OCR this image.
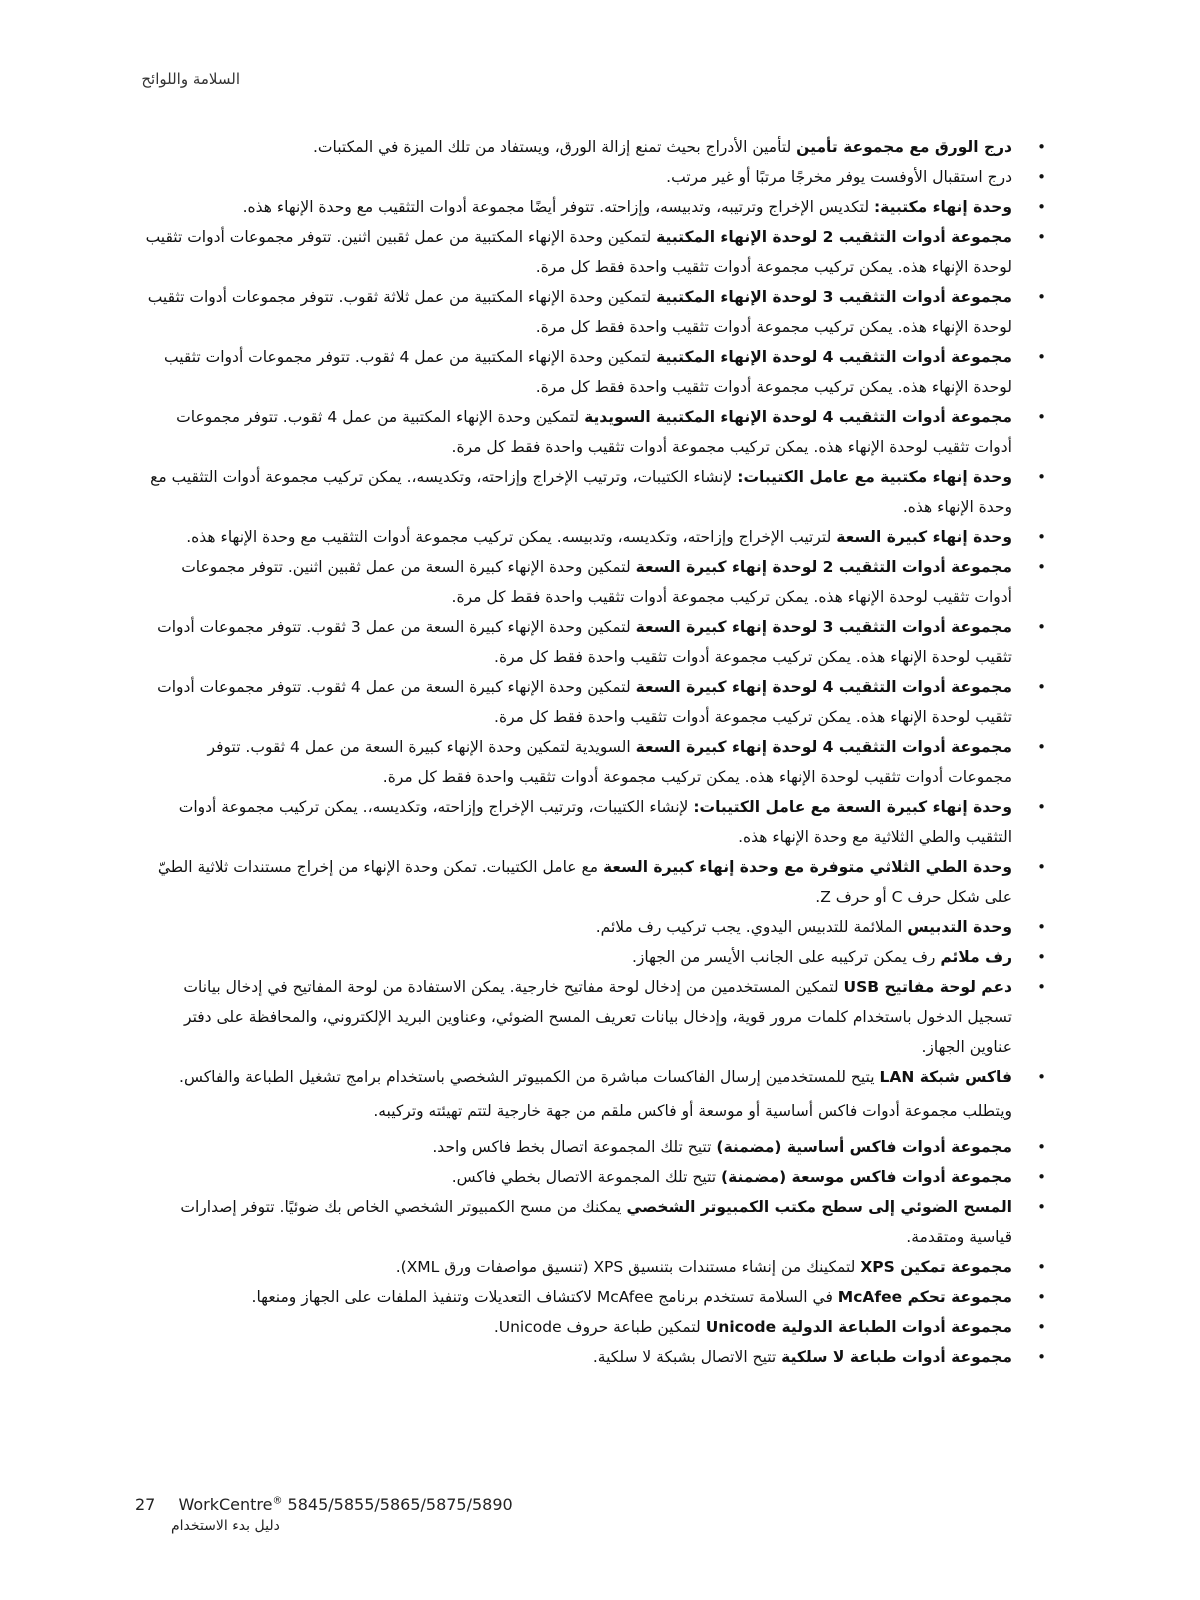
السلامة واللوائح
• درج الورق مع مجموعة تأمين لتأمين الأدراج بحيث تمنع إزالة الورق، ويستفاد من تلك الميزة في المكتبات.
• درج استقبال الأوفست يوفر مخرجًا مرتبًا أو غير مرتب.
• وحدة إنهاء مكتبية: لتكديس الإخراج وترتيبه، وتدبيسه، وإزاحته. تتوفر أيضًا مجموعة أدوات التثقيب مع وحدة الإنهاء هذه.
• مجموعة أدوات التثقيب 2 لوحدة الإنهاء المكتبية لتمكين وحدة الإنهاء المكتبية من عمل ثقبين اثنين. تتوفر مجموعات أدوات تثقيب لوحدة الإنهاء هذه. يمكن تركيب مجموعة أدوات تثقيب واحدة فقط كل مرة.
• مجموعة أدوات التثقيب 3 لوحدة الإنهاء المكتبية لتمكين وحدة الإنهاء المكتبية من عمل ثلاثة ثقوب. تتوفر مجموعات أدوات تثقيب لوحدة الإنهاء هذه. يمكن تركيب مجموعة أدوات تثقيب واحدة فقط كل مرة.
• مجموعة أدوات التثقيب 4 لوحدة الإنهاء المكتبية لتمكين وحدة الإنهاء المكتبية من عمل 4 ثقوب. تتوفر مجموعات أدوات تثقيب لوحدة الإنهاء هذه. يمكن تركيب مجموعة أدوات تثقيب واحدة فقط كل مرة.
• مجموعة أدوات التثقيب 4 لوحدة الإنهاء المكتبية السويدية لتمكين وحدة الإنهاء المكتبية من عمل 4 ثقوب. تتوفر مجموعات أدوات تثقيب لوحدة الإنهاء هذه. يمكن تركيب مجموعة أدوات تثقيب واحدة فقط كل مرة.
• وحدة إنهاء مكتبية مع عامل الكتيبات: لإنشاء الكتيبات، وترتيب الإخراج وإزاحته، وتكديسه،. يمكن تركيب مجموعة أدوات التثقيب مع وحدة الإنهاء هذه.
• وحدة إنهاء كبيرة السعة لترتيب الإخراج وإزاحته، وتكديسه، وتدبيسه. يمكن تركيب مجموعة أدوات التثقيب مع وحدة الإنهاء هذه.
• مجموعة أدوات التثقيب 2 لوحدة إنهاء كبيرة السعة لتمكين وحدة الإنهاء كبيرة السعة من عمل ثقبين اثنين. تتوفر مجموعات أدوات تثقيب لوحدة الإنهاء هذه. يمكن تركيب مجموعة أدوات تثقيب واحدة فقط كل مرة.
• مجموعة أدوات التثقيب 3 لوحدة إنهاء كبيرة السعة لتمكين وحدة الإنهاء كبيرة السعة من عمل 3 ثقوب. تتوفر مجموعات أدوات تثقيب لوحدة الإنهاء هذه. يمكن تركيب مجموعة أدوات تثقيب واحدة فقط كل مرة.
• مجموعة أدوات التثقيب 4 لوحدة إنهاء كبيرة السعة لتمكين وحدة الإنهاء كبيرة السعة من عمل 4 ثقوب. تتوفر مجموعات أدوات تثقيب لوحدة الإنهاء هذه. يمكن تركيب مجموعة أدوات تثقيب واحدة فقط كل مرة.
• مجموعة أدوات التثقيب 4 لوحدة إنهاء كبيرة السعة السويدية لتمكين وحدة الإنهاء كبيرة السعة من عمل 4 ثقوب. تتوفر مجموعات أدوات تثقيب لوحدة الإنهاء هذه. يمكن تركيب مجموعة أدوات تثقيب واحدة فقط كل مرة.
• وحدة إنهاء كبيرة السعة مع عامل الكتيبات: لإنشاء الكتيبات، وترتيب الإخراج وإزاحته، وتكديسه،. يمكن تركيب مجموعة أدوات التثقيب والطي الثلاثية مع وحدة الإنهاء هذه.
• وحدة الطي الثلاثي متوفرة مع وحدة إنهاء كبيرة السعة مع عامل الكتيبات. تمكن وحدة الإنهاء من إخراج مستندات ثلاثية الطيّ على شكل حرف C أو حرف Z.
• وحدة التدبيس الملائمة للتدبيس اليدوي. يجب تركيب رف ملائم.
• رف ملائم رف يمكن تركيبه على الجانب الأيسر من الجهاز.
• دعم لوحة مفاتيح USB لتمكين المستخدمين من إدخال لوحة مفاتيح خارجية. يمكن الاستفادة من لوحة المفاتيح في إدخال بيانات تسجيل الدخول باستخدام كلمات مرور قوية، وإدخال بيانات تعريف المسح الضوئي، وعناوين البريد الإلكتروني، والمحافظة على دفتر عناوين الجهاز.
• فاكس شبكة LAN يتيح للمستخدمين إرسال الفاكسات مباشرة من الكمبيوتر الشخصي باستخدام برامج تشغيل الطباعة والفاكس.
ويتطلب مجموعة أدوات فاكس أساسية أو موسعة أو فاكس ملقم من جهة خارجية لتتم تهيئته وتركيبه.
• مجموعة أدوات فاكس أساسية (مضمنة) تتيح تلك المجموعة اتصال بخط فاكس واحد.
• مجموعة أدوات فاكس موسعة (مضمنة) تتيح تلك المجموعة الاتصال بخطي فاكس.
• المسح الضوئي إلى سطح مكتب الكمبيوتر الشخصي يمكنك من مسح الكمبيوتر الشخصي الخاص بك ضوئيًا. تتوفر إصدارات قياسية ومتقدمة.
• مجموعة تمكين XPS لتمكينك من إنشاء مستندات بتنسيق XPS (تنسيق مواصفات ورق XML).
• مجموعة تحكم McAfee في السلامة تستخدم برنامج McAfee لاكتشاف التعديلات وتنفيذ الملفات على الجهاز ومنعها.
• مجموعة أدوات الطباعة الدولية Unicode لتمكين طباعة حروف Unicode.
• مجموعة أدوات طباعة لا سلكية تتيح الاتصال بشبكة لا سلكية.
27 WorkCentre® 5845/5855/5865/5875/5890
دليل بدء الاستخدام
